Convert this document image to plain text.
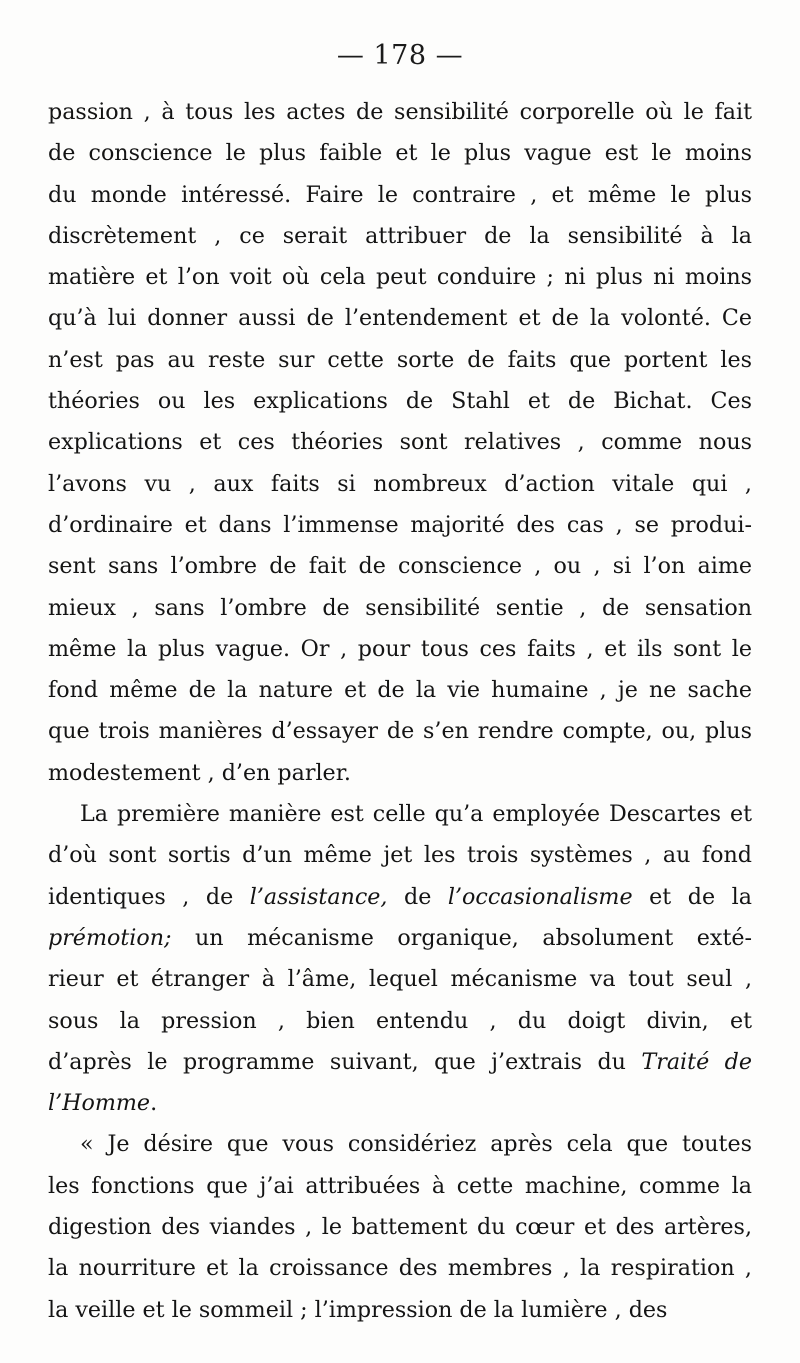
— 178 —
passion , à tous les actes de sensibilité corporelle où le fait
de conscience le plus faible et le plus vague est le moins
du monde intéressé. Faire le contraire , et même le plus
discrètement , ce serait attribuer de la sensibilité à la
matière et l’on voit où cela peut conduire ; ni plus ni moins
qu’à lui donner aussi de l’entendement et de la volonté. Ce
n’est pas au reste sur cette sorte de faits que portent les
théories ou les explications de Stahl et de Bichat. Ces
explications et ces théories sont relatives , comme nous
l’avons vu , aux faits si nombreux d’action vitale qui ,
d’ordinaire et dans l’immense majorité des cas , se produi-
sent sans l’ombre de fait de conscience , ou , si l’on aime
mieux , sans l’ombre de sensibilité sentie , de sensation
même la plus vague. Or , pour tous ces faits , et ils sont le
fond même de la nature et de la vie humaine , je ne sache
que trois manières d’essayer de s’en rendre compte, ou, plus
modestement , d’en parler.
La première manière est celle qu’a employée Descartes et
d’où sont sortis d’un même jet les trois systèmes , au fond
identiques , de l’assistance, de l’occasionalisme et de la
prémotion; un mécanisme organique, absolument exté-
rieur et étranger à l’âme, lequel mécanisme va tout seul ,
sous la pression , bien entendu , du doigt divin, et
d’après le programme suivant, que j’extrais du Traité de
l’Homme.
« Je désire que vous considériez après cela que toutes
les fonctions que j’ai attribuées à cette machine, comme la
digestion des viandes , le battement du cœur et des artères,
la nourriture et la croissance des membres , la respiration ,
la veille et le sommeil ; l’impression de la lumière , des
